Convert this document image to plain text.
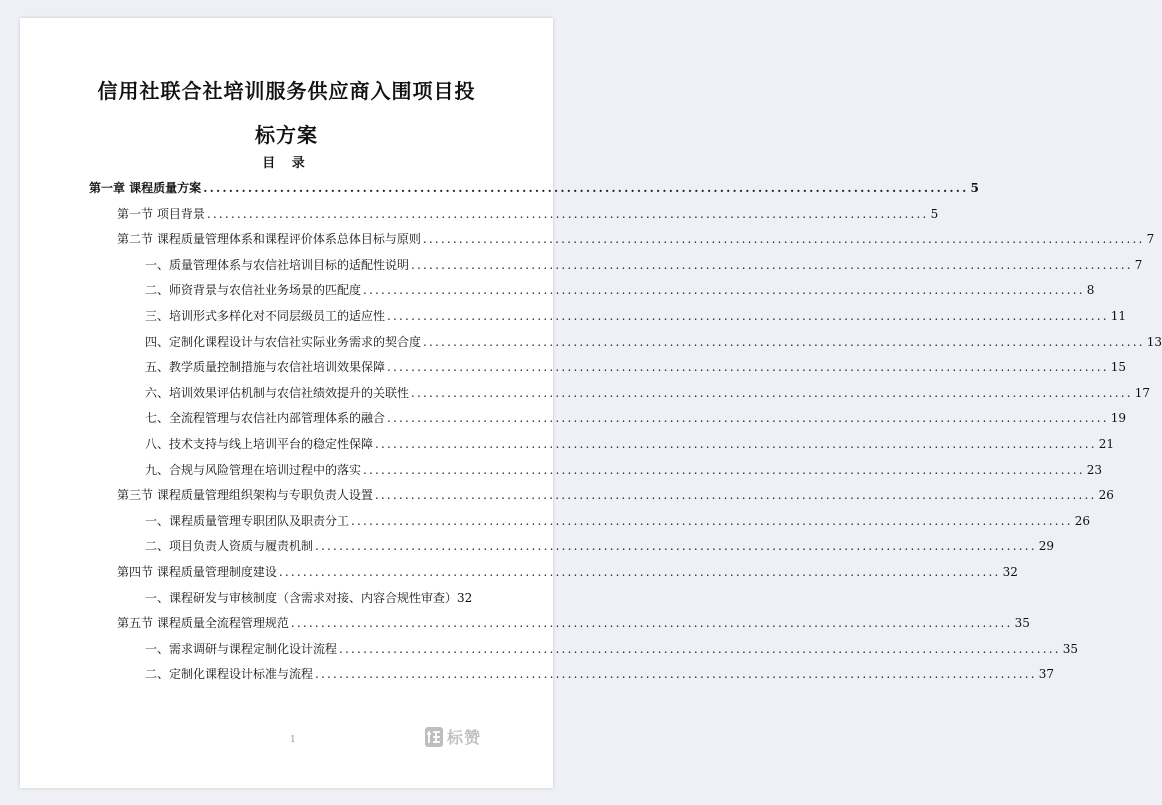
信用社联合社培训服务供应商入围项目投
标方案
目 录
第一章 课程质量方案 ........................................................................................................................ 5
第一节 项目背景 ........................................................................................................................ 5
第二节 课程质量管理体系和课程评价体系总体目标与原则 ........................................................................................................................ 7
一、质量管理体系与农信社培训目标的适配性说明 ........................................................................................................................ 7
二、师资背景与农信社业务场景的匹配度 ........................................................................................................................ 8
三、培训形式多样化对不同层级员工的适应性 ........................................................................................................................ 11
四、定制化课程设计与农信社实际业务需求的契合度 ........................................................................................................................ 13
五、教学质量控制措施与农信社培训效果保障 ........................................................................................................................ 15
六、培训效果评估机制与农信社绩效提升的关联性 ........................................................................................................................ 17
七、全流程管理与农信社内部管理体系的融合 ........................................................................................................................ 19
八、技术支持与线上培训平台的稳定性保障 ........................................................................................................................ 21
九、合规与风险管理在培训过程中的落实 ........................................................................................................................ 23
第三节 课程质量管理组织架构与专职负责人设置 ........................................................................................................................ 26
一、课程质量管理专职团队及职责分工 ........................................................................................................................ 26
二、项目负责人资质与履责机制 ........................................................................................................................ 29
第四节 课程质量管理制度建设 ........................................................................................................................ 32
一、课程研发与审核制度（含需求对接、内容合规性审查） 32
第五节 课程质量全流程管理规范 ........................................................................................................................ 35
一、需求调研与课程定制化设计流程 ........................................................................................................................ 35
二、定制化课程设计标准与流程 ........................................................................................................................ 37
1	标赞
